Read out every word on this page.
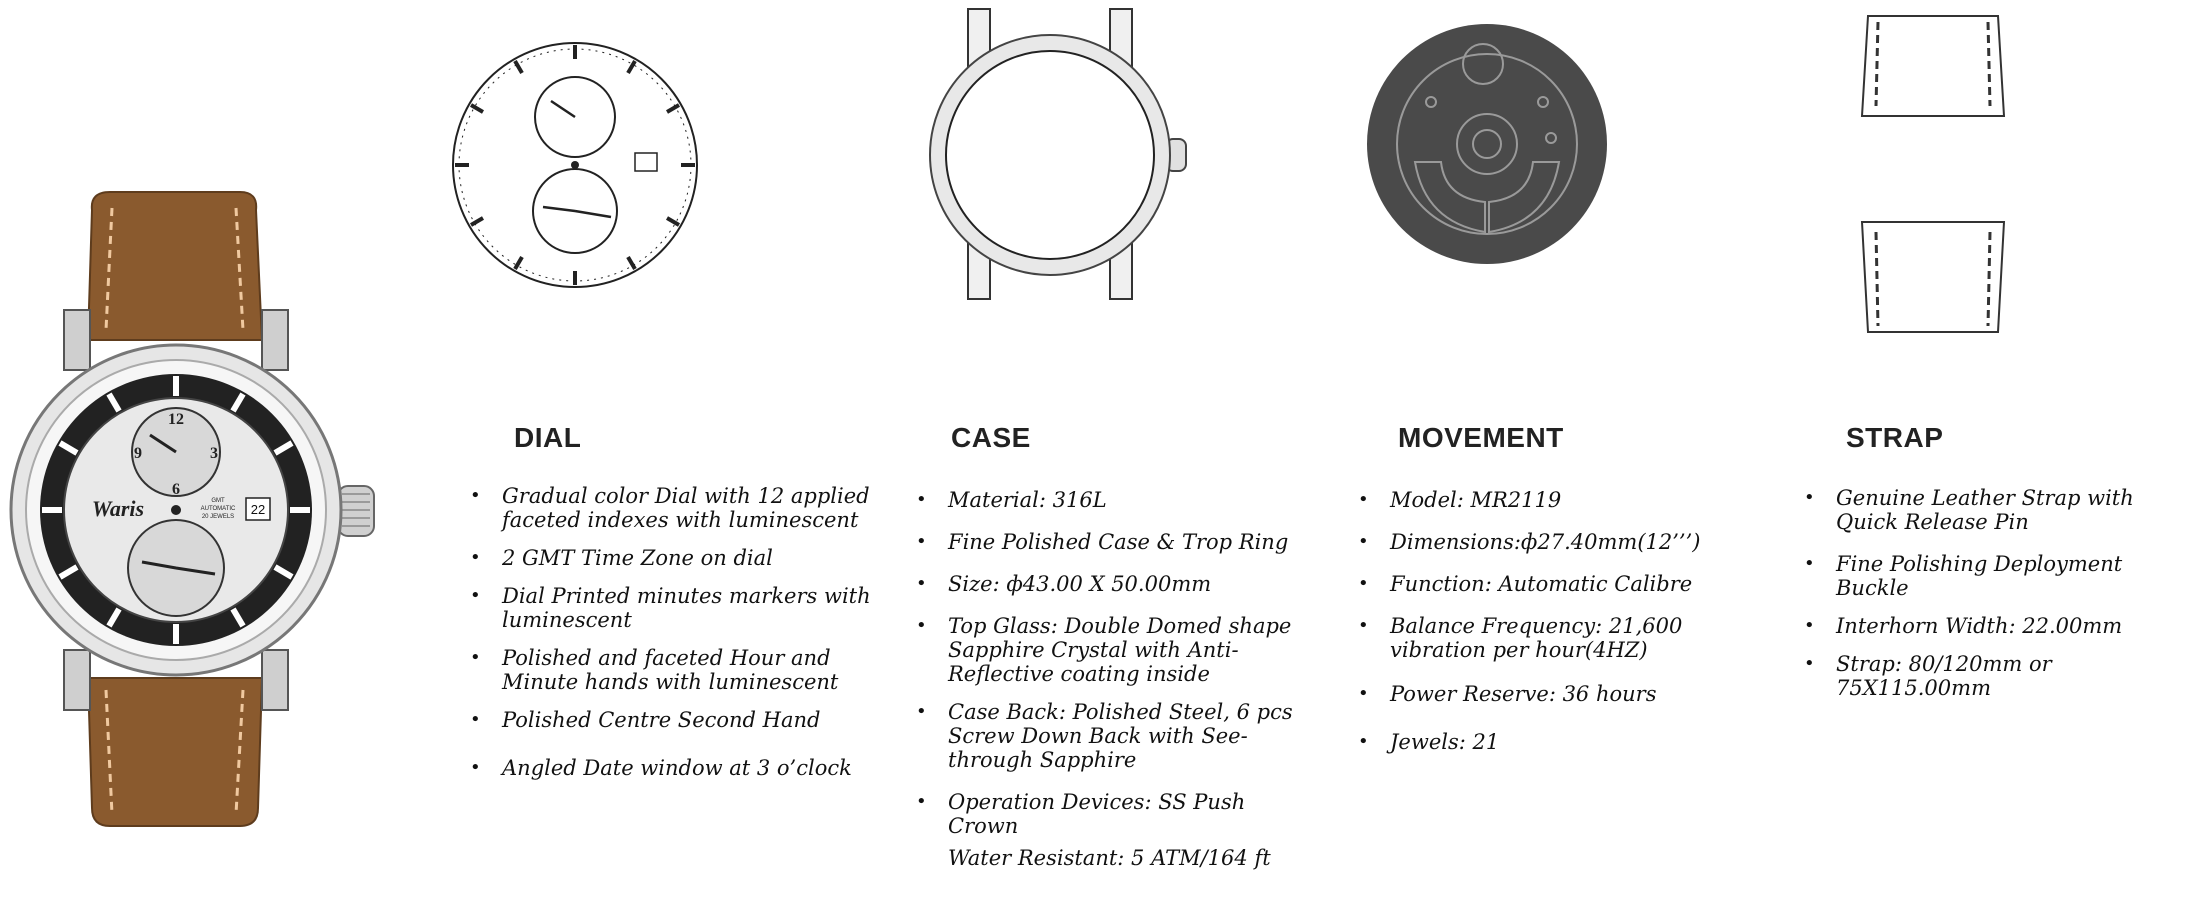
22
12
3
9
6
GMT
AUTOMATIC
20 JEWELS
Waris
DIAL
• Gradual color Dial with 12 applied faceted indexes with luminescent
• 2 GMT Time Zone on dial
• Dial Printed minutes markers with luminescent
• Polished and faceted Hour and Minute hands with luminescent
• Polished Centre Second Hand
• Angled Date window at 3 o’clock
CASE
• Material: 316L
• Fine Polished Case & Trop Ring
• Size: ф43.00 X 50.00mm
• Top Glass: Double Domed shape Sapphire Crystal with Anti-Reflective coating inside
• Case Back: Polished Steel, 6 pcs Screw Down Back with See-through Sapphire
• Operation Devices: SS Push Crown
Water Resistant: 5 ATM/164 ft
MOVEMENT
• Model: MR2119
• Dimensions:ф27.40mm(12’’’)
• Function: Automatic Calibre
• Balance Frequency: 21,600 vibration per hour(4HZ)
• Power Reserve: 36 hours
• Jewels: 21
STRAP
• Genuine Leather Strap with Quick Release Pin
• Fine Polishing Deployment Buckle
• Interhorn Width: 22.00mm
• Strap: 80/120mm or 75X115.00mm
